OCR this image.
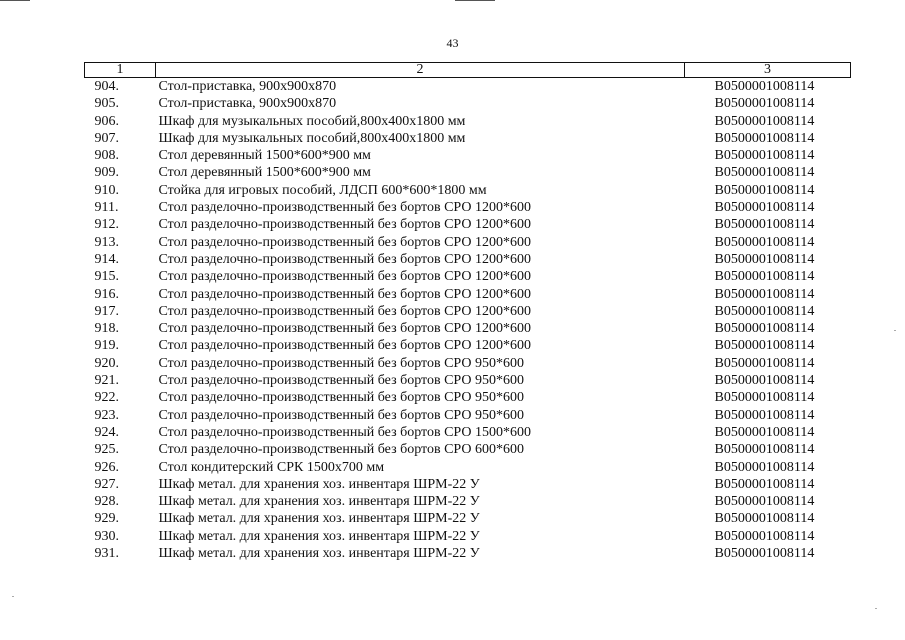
43
1	2	3
904.	Стол-приставка, 900х900х870	В0500001008114
905.	Стол-приставка, 900х900х870	В0500001008114
906.	Шкаф для музыкальных пособий,800х400х1800 мм	В0500001008114
907.	Шкаф для музыкальных пособий,800х400х1800 мм	В0500001008114
908.	Стол деревянный 1500*600*900 мм	В0500001008114
909.	Стол деревянный 1500*600*900 мм	В0500001008114
910.	Стойка для игровых пособий, ЛДСП 600*600*1800 мм	В0500001008114
911.	Стол разделочно-производственный без бортов СРО 1200*600	В0500001008114
912.	Стол разделочно-производственный без бортов СРО 1200*600	В0500001008114
913.	Стол разделочно-производственный без бортов СРО 1200*600	В0500001008114
914.	Стол разделочно-производственный без бортов СРО 1200*600	В0500001008114
915.	Стол разделочно-производственный без бортов СРО 1200*600	В0500001008114
916.	Стол разделочно-производственный без бортов СРО 1200*600	В0500001008114
917.	Стол разделочно-производственный без бортов СРО 1200*600	В0500001008114
918.	Стол разделочно-производственный без бортов СРО 1200*600	В0500001008114
919.	Стол разделочно-производственный без бортов СРО 1200*600	В0500001008114
920.	Стол разделочно-производственный без бортов СРО 950*600	В0500001008114
921.	Стол разделочно-производственный без бортов СРО 950*600	В0500001008114
922.	Стол разделочно-производственный без бортов СРО 950*600	В0500001008114
923.	Стол разделочно-производственный без бортов СРО 950*600	В0500001008114
924.	Стол разделочно-производственный без бортов СРО 1500*600	В0500001008114
925.	Стол разделочно-производственный без бортов СРО 600*600	В0500001008114
926.	Стол кондитерский СРК 1500х700 мм	В0500001008114
927.	Шкаф метал. для хранения хоз. инвентаря ШРМ-22 У	В0500001008114
928.	Шкаф метал. для хранения хоз. инвентаря ШРМ-22 У	В0500001008114
929.	Шкаф метал. для хранения хоз. инвентаря ШРМ-22 У	В0500001008114
930.	Шкаф метал. для хранения хоз. инвентаря ШРМ-22 У	В0500001008114
931.	Шкаф метал. для хранения хоз. инвентаря ШРМ-22 У	В0500001008114
